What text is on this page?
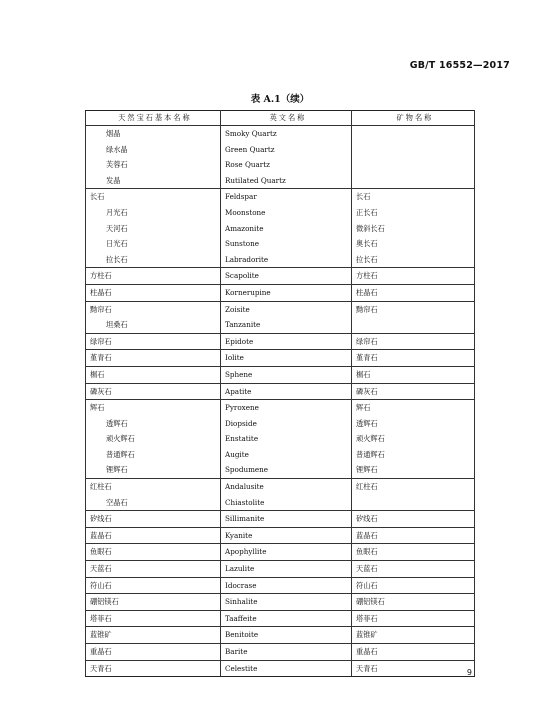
GB/T 16552—2017
表 A.1（续）
天然宝石基本名称	英文名称	矿物名称
烟晶	Smoky Quartz	
绿水晶	Green Quartz	
芙蓉石	Rose Quartz	
发晶	Rutilated Quartz	
长石	Feldspar	长石
月光石	Moonstone	正长石
天河石	Amazonite	微斜长石
日光石	Sunstone	奥长石
拉长石	Labradorite	拉长石
方柱石	Scapolite	方柱石
柱晶石	Kornerupine	柱晶石
黝帘石	Zoisite	黝帘石
坦桑石	Tanzanite	
绿帘石	Epidote	绿帘石
堇青石	Iolite	堇青石
榍石	Sphene	榍石
磷灰石	Apatite	磷灰石
辉石	Pyroxene	辉石
透辉石	Diopside	透辉石
顽火辉石	Enstatite	顽火辉石
普通辉石	Augite	普通辉石
锂辉石	Spodumene	锂辉石
红柱石	Andalusite	红柱石
空晶石	Chiastolite	
矽线石	Sillimanite	矽线石
蓝晶石	Kyanite	蓝晶石
鱼眼石	Apophyllite	鱼眼石
天蓝石	Lazulite	天蓝石
符山石	Idocrase	符山石
硼铝镁石	Sinhalite	硼铝镁石
塔菲石	Taaffeite	塔菲石
蓝锥矿	Benitoite	蓝锥矿
重晶石	Barite	重晶石
天青石	Celestite	天青石	9
